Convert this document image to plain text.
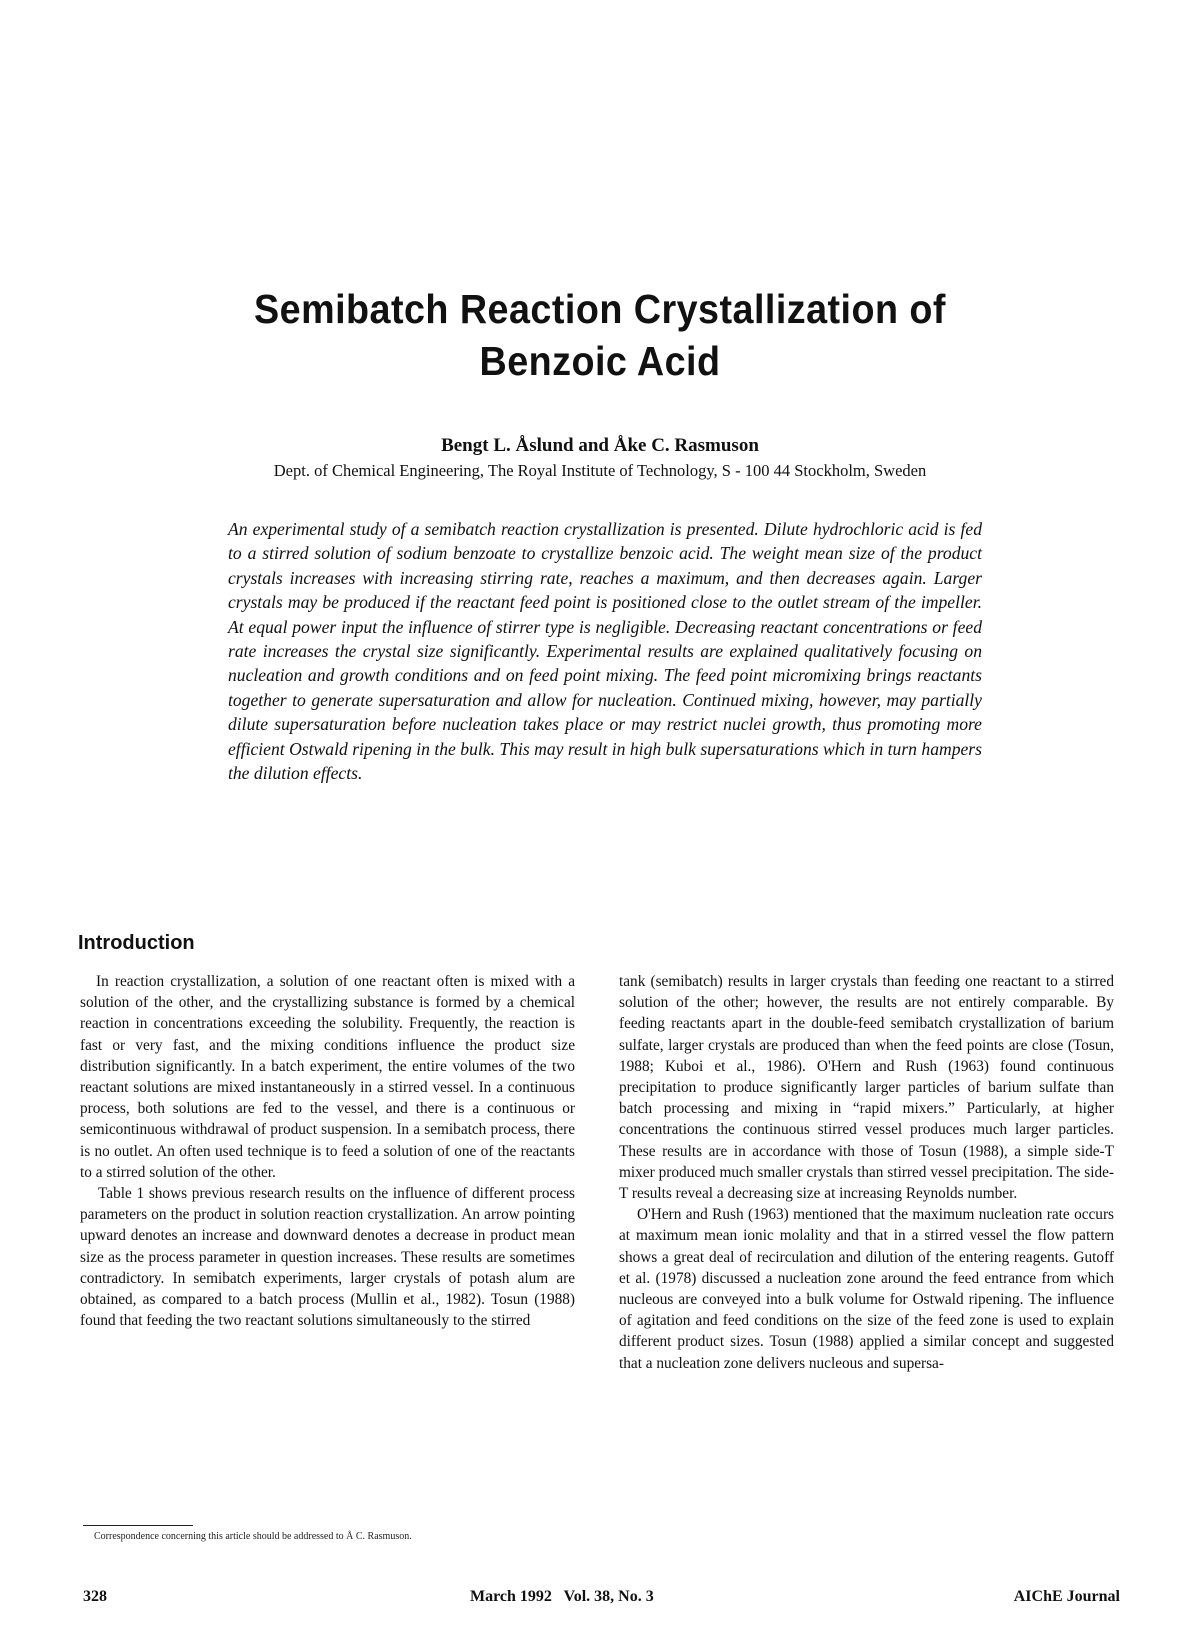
Semibatch Reaction Crystallization of
Benzoic Acid
Bengt L. Åslund and Åke C. Rasmuson
Dept. of Chemical Engineering, The Royal Institute of Technology, S - 100 44 Stockholm, Sweden
An experimental study of a semibatch reaction crystallization is presented. Dilute hydrochloric acid is fed to a stirred solution of sodium benzoate to crystallize benzoic acid. The weight mean size of the product crystals increases with increasing stirring rate, reaches a maximum, and then decreases again. Larger crystals may be produced if the reactant feed point is positioned close to the outlet stream of the impeller. At equal power input the influence of stirrer type is negligible. Decreasing reactant concentrations or feed rate increases the crystal size significantly. Experimental results are explained qualitatively focusing on nucleation and growth conditions and on feed point mixing. The feed point micromixing brings reactants together to generate supersaturation and allow for nucleation. Continued mixing, however, may partially dilute supersaturation before nucleation takes place or may restrict nuclei growth, thus promoting more efficient Ostwald ripening in the bulk. This may result in high bulk supersaturations which in turn hampers the dilution effects.
Introduction

In reaction crystallization, a solution of one reactant often is mixed with a solution of the other, and the crystallizing substance is formed by a chemical reaction in concentrations exceeding the solubility. Frequently, the reaction is fast or very fast, and the mixing conditions influence the product size distribution significantly. In a batch experiment, the entire volumes of the two reactant solutions are mixed instantaneously in a stirred vessel. In a continuous process, both solutions are fed to the vessel, and there is a continuous or semicontinuous withdrawal of product suspension. In a semibatch process, there is no outlet. An often used technique is to feed a solution of one of the reactants to a stirred solution of the other.

Table 1 shows previous research results on the influence of different process parameters on the product in solution reaction crystallization. An arrow pointing upward denotes an increase and downward denotes a decrease in product mean size as the process parameter in question increases. These results are sometimes contradictory. In semibatch experiments, larger crystals of potash alum are obtained, as compared to a batch process (Mullin et al., 1982). Tosun (1988) found that feeding the two reactant solutions simultaneously to the stirred

tank (semibatch) results in larger crystals than feeding one reactant to a stirred solution of the other; however, the results are not entirely comparable. By feeding reactants apart in the double-feed semibatch crystallization of barium sulfate, larger crystals are produced than when the feed points are close (Tosun, 1988; Kuboi et al., 1986). O'Hern and Rush (1963) found continuous precipitation to produce significantly larger particles of barium sulfate than batch processing and mixing in “rapid mixers.” Particularly, at higher concentrations the continuous stirred vessel produces much larger particles. These results are in accordance with those of Tosun (1988), a simple side-T mixer produced much smaller crystals than stirred vessel precipitation. The side-T results reveal a decreasing size at increasing Reynolds number.

O'Hern and Rush (1963) mentioned that the maximum nucleation rate occurs at maximum mean ionic molality and that in a stirred vessel the flow pattern shows a great deal of recirculation and dilution of the entering reagents. Gutoff et al. (1978) discussed a nucleation zone around the feed entrance from which nucleous are conveyed into a bulk volume for Ostwald ripening. The influence of agitation and feed conditions on the size of the feed zone is used to explain different product sizes. Tosun (1988) applied a similar concept and suggested that a nucleation zone delivers nucleous and supersa-

Correspondence concerning this article should be addressed to Å C. Rasmuson.
328	March 1992   Vol. 38, No. 3	AIChE Journal
